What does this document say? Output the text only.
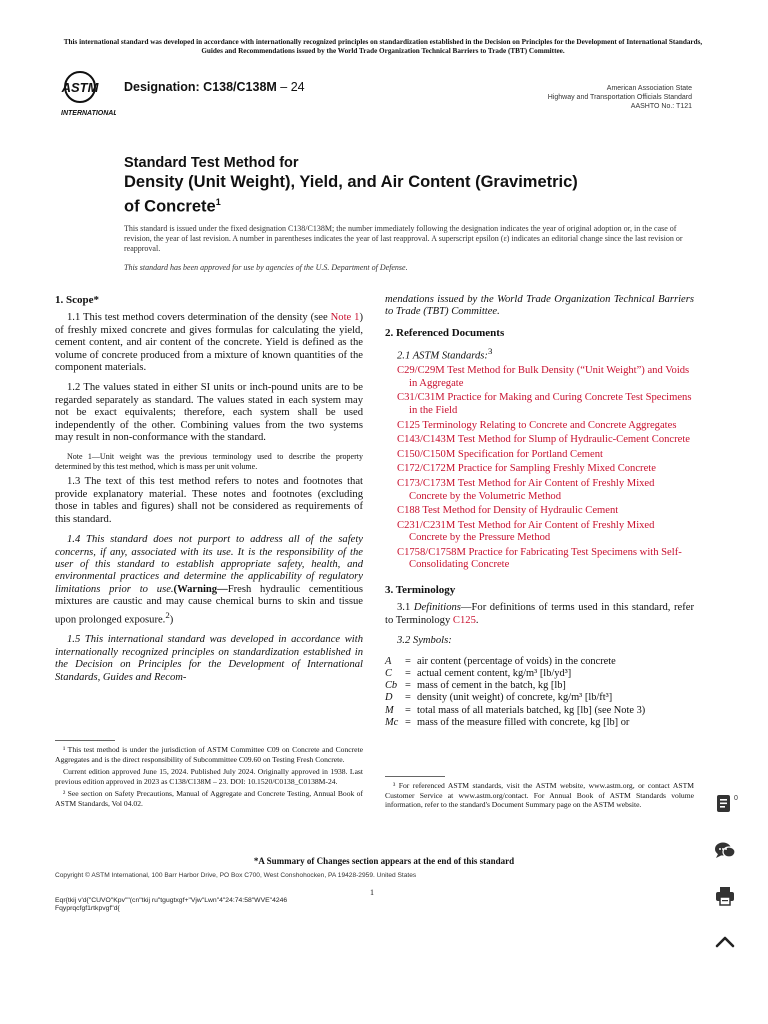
This international standard was developed in accordance with internationally recognized principles on standardization established in the Decision on Principles for the Development of International Standards, Guides and Recommendations issued by the World Trade Organization Technical Barriers to Trade (TBT) Committee.
ASTM
INTERNATIONAL
Designation: C138/C138M – 24	American Association State
Highway and Transportation Officials Standard
AASHTO No.: T121
Standard Test Method for
Density (Unit Weight), Yield, and Air Content (Gravimetric)
of Concrete$^1$
This standard is issued under the fixed designation C138/C138M; the number immediately following the designation indicates the year of original adoption or, in the case of revision, the year of last revision. A number in parentheses indicates the year of last reapproval. A superscript epsilon (ε) indicates an editorial change since the last revision or reapproval.
This standard has been approved for use by agencies of the U.S. Department of Defense.
1. Scope*
1.1 This test method covers determination of the density (see Note 1) of freshly mixed concrete and gives formulas for calculating the yield, cement content, and air content of the concrete. Yield is defined as the volume of concrete produced from a mixture of known quantities of the component materials.
1.2 The values stated in either SI units or inch-pound units are to be regarded separately as standard. The values stated in each system may not be exact equivalents; therefore, each system shall be used independently of the other. Combining values from the two systems may result in non-conformance with the standard.
Note 1—Unit weight was the previous terminology used to describe the property determined by this test method, which is mass per unit volume.
1.3 The text of this test method refers to notes and footnotes that provide explanatory material. These notes and footnotes (excluding those in tables and figures) shall not be considered as requirements of this standard.
1.4 This standard does not purport to address all of the safety concerns, if any, associated with its use. It is the responsibility of the user of this standard to establish appropriate safety, health, and environmental practices and determine the applicability of regulatory limitations prior to use.(Warning—Fresh hydraulic cementitious mixtures are caustic and may cause chemical burns to skin and tissue upon prolonged exposure.$^2$)
1.5 This international standard was developed in accordance with internationally recognized principles on standardization established in the Decision on Principles for the Development of International Standards, Guides and Recom-
mendations issued by the World Trade Organization Technical Barriers to Trade (TBT) Committee.
2. Referenced Documents
2.1 ASTM Standards:$^3$
C29/C29M Test Method for Bulk Density (“Unit Weight”) and Voids in Aggregate
C31/C31M Practice for Making and Curing Concrete Test Specimens in the Field
C125 Terminology Relating to Concrete and Concrete Aggregates
C143/C143M Test Method for Slump of Hydraulic-Cement Concrete
C150/C150M Specification for Portland Cement
C172/C172M Practice for Sampling Freshly Mixed Concrete
C173/C173M Test Method for Air Content of Freshly Mixed Concrete by the Volumetric Method
C188 Test Method for Density of Hydraulic Cement
C231/C231M Test Method for Air Content of Freshly Mixed Concrete by the Pressure Method
C1758/C1758M Practice for Fabricating Test Specimens with Self-Consolidating Concrete
3. Terminology
3.1 Definitions—For definitions of terms used in this standard, refer to Terminology C125.
3.2 Symbols:
A	= air content (percentage of voids) in the concrete
C	= actual cement content, kg/m³ [lb/yd³]
Cb = mass of cement in the batch, kg [lb]
D	= density (unit weight) of concrete, kg/m³ [lb/ft³]
M	= total mass of all materials batched, kg [lb] (see Note 3)
Mc = mass of the measure filled with concrete, kg [lb] or
¹ This test method is under the jurisdiction of ASTM Committee C09 on Concrete and Concrete Aggregates and is the direct responsibility of Subcommittee C09.60 on Testing Fresh Concrete.
Current edition approved June 15, 2024. Published July 2024. Originally approved in 1938. Last previous edition approved in 2023 as C138/C138M – 23. DOI: 10.1520/C0138_C0138M-24.
² See section on Safety Precautions, Manual of Aggregate and Concrete Testing, Annual Book of ASTM Standards, Vol 04.02.
³ For referenced ASTM standards, visit the ASTM website, www.astm.org, or contact ASTM Customer Service at www.astm.org/contact. For Annual Book of ASTM Standards volume information, refer to the standard's Document Summary page on the ASTM website.
*A Summary of Changes section appears at the end of this standard
Copyright © ASTM International, 100 Barr Harbor Drive, PO Box C700, West Conshohocken, PA 19428-2959. United States
1
Eqr{tkij v'd{"CUVO"Kpv""(cn"tkij ru"tgugtxgf+"Vjw"Lwn"4"24:74:58"WVE"4246
Fqyprqcfgf1rtkpvgf"d{
0
